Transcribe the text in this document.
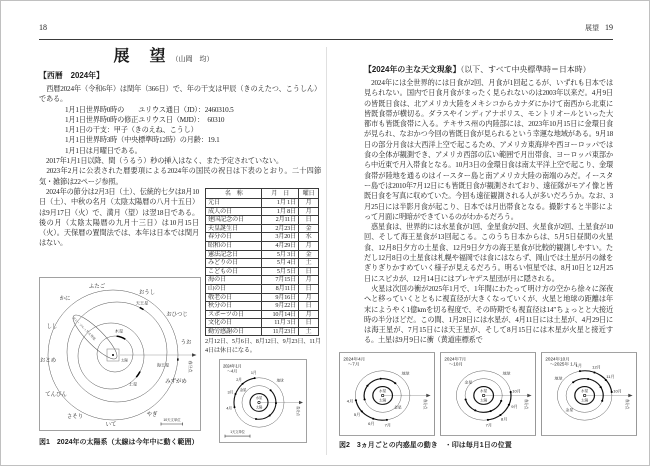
18	展望 19
展　望 （山岡　均）
【西暦　2024年】

　西暦2024年（令和6年）は閏年（366日）で、年の干支は甲辰（きのえたつ、こうしん）である。

1月1日世界時0時の　　ユリウス通日（JD）：2460310.5
1月1日世界時0時の修正ユリウス日（MJD）：　60310
1月1日の干支：甲子（きのえね、こうし）
1月1日世界時3時（中央標準時12時）の月齢：19.1
1月1日は月曜日である。

　2017年1月1日以降、閏（うるう）秒の挿入はなく、また予定されていない。

　2023年2月に公表された暦要項による2024年の国民の祝日は下表のとおり。二十四節気・雑節は22ページ参照。

名　称	月　日	曜日
元日	1月 1日	月
成人の日	1月 8日	月
建国記念の日	2月11日	日
天皇誕生日	2月23日	金
春分の日	3月20日	水
昭和の日	4月29日	月
憲法記念日	5月 3日	金
みどりの日	5月 4日	土
こどもの日	5月 5日	日
海の日	7月15日	月
山の日	8月11日	日
敬老の日	9月16日	月
秋分の日	9月22日	日
スポーツの日	10月14日	月
文化の日	11月 3日	日
勤労感謝の日	11月23日	土
2月12日、5月6日、8月12日、9月23日、11月4日は休日になる。
2024年1月
〜4月
春分点
1月
2月
3月
4月
水星
太陽
金星
地球
1天文単位

　2024年の節分は2月3日（土）、伝統的七夕は8月10日（土）、中秋の名月（太陰太陽暦の八月十五日）は9月17日（火）で、満月（望）は翌18日である。後の月（太陰太陽暦の九月十三日）は10月15日（火）。天保暦の置閏法では、本年は日本では閏月はない。

春分点
ポン・ブルックス彗星
太陽
木星
土星
天王星
海王星
ふたご
おうし
おひつじ
うお
みずがめ
やぎ
いて
さそり
てんびん
おとめ
しし
かに
10天文単位
図1　2024年の太陽系（太線は今年中に動く範囲）
【2024年の主な天文現象】（以下、すべて中央標準時＝日本時）

　2024年には全世界的には日食が2回、月食が1回起こるが、いずれも日本では見られない。国内で日食月食がまったく見られないのは2003年以来だ。4月9日の皆既日食は、北アメリカ大陸をメキシコからカナダにかけて南西から北東に皆既食帯が横切る。ダラスやインディアナポリス、モントリオールといった大都市も皆既食帯に入る。テキサス州の内陸部には、2023年10月15日に金環日食が見られ、なおかつ今回の皆既日食が見られるという幸運な地域がある。9月18日の部分月食は大西洋上空で起こるため、アメリカ東海岸や西ヨーロッパでは食の全体が観測でき、アメリカ西部の広い範囲で月出帯食、ヨーロッパ東部から中近東で月入帯食となる。10月3日の金環日食は南太平洋上空で起こり、金環食帯が陸地を通るのはイースター島と南アメリカ大陸の南端のみだ。イースター島では2010年7月12日にも皆既日食が観測されており、遠征隊がモアイ像と皆既日食を写真に収めていた。今回も遠征観測される人が多いだろうか。なお、3月25日には半影月食が起こり、日本では月出帯食となる。撮影すると半影によって月面に明暗ができているのがわかるだろう。

　惑星食は、世界的には水星食が1回、金星食が2回、火星食が2回、土星食が10回、そして海王星食が13回起こる。このうち日本からは、5月5日昼間の火星食、12月8日夕方の土星食、12月9日夕方の海王星食が比較的観測しやすい。ただし12月8日の土星食は札幌や福岡では食にはならず、岡山では土星が月の縁をぎりぎりかすめていく様子が見えるだろう。明るい恒星では、8月10日と12月25日にスピカが、12月14日にはプレヤデス星団が月に隠される。

　火星は次回の衝が2025年1月で、1年間にわたって明け方の空から徐々に深夜へと移っていくとともに視直径が大きくなっていくが、火星と地球の距離は年末にようやく1億kmを切る程度で、その時期でも視直径は14″ちょっとと大接近時の半分ほどだ。この間、1月28日には水星が、4月11日には土星が、4月29日には海王星が、7月15日には天王星が、そして8月15日には木星が火星と接近する。土星は9月9日に衝（黄道座標系で

2024年4月
〜7月
春分点
4月
5月
6月	7月
水星
太陽
金星
地球
2024年7月
〜10月
春分点
7月
8月
9月
10月
水星
太陽
金星
地球
2024年10月
〜2025年 1月
春分点
10月
11月
12月
1月
水星
太陽
金星
地球
図2　3ヵ月ごとの内惑星の動き　・印は毎月1日の位置
